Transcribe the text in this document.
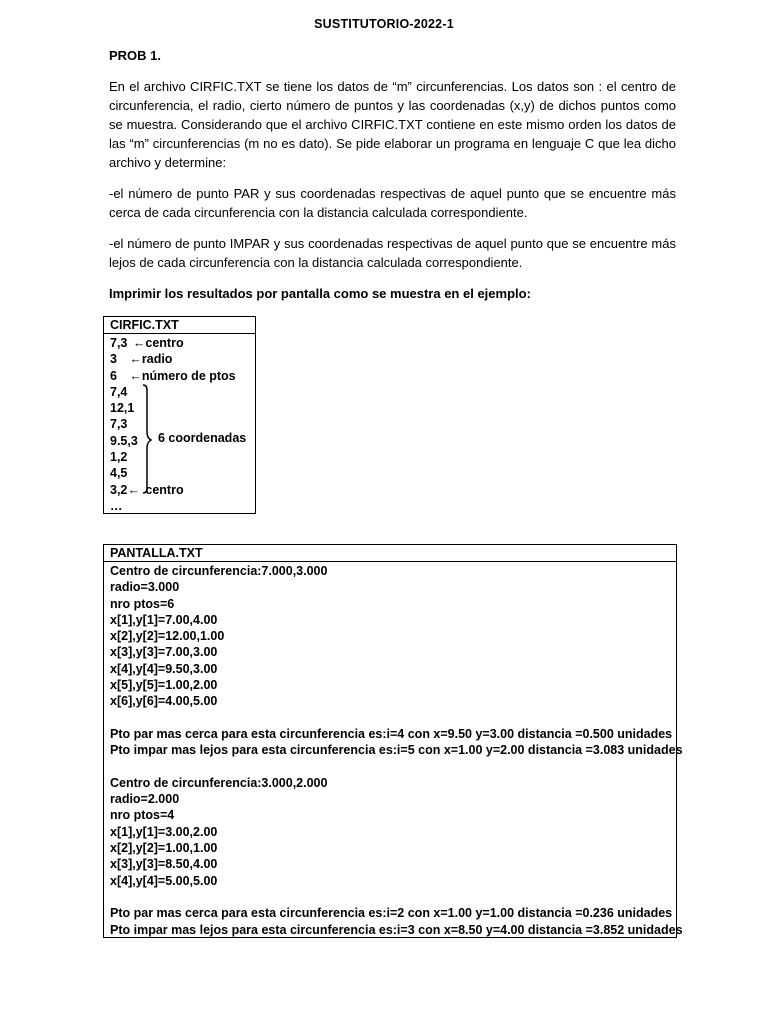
SUSTITUTORIO-2022-1
PROB 1.

En el archivo CIRFIC.TXT se tiene los datos de “m” circunferencias. Los datos son : el centro de circunferencia, el radio, cierto número de puntos y las coordenadas (x,y) de dichos puntos como se muestra. Considerando que el archivo CIRFIC.TXT contiene en este mismo orden los datos de las “m” circunferencias (m no es dato). Se pide elaborar un programa en lenguaje C que lea dicho archivo y determine:

-el número de punto PAR y sus coordenadas respectivas de aquel punto que se encuentre más cerca de cada circunferencia con la distancia calculada correspondiente.

-el número de punto IMPAR y sus coordenadas respectivas de aquel punto que se encuentre más lejos de cada circunferencia con la distancia calculada correspondiente.

Imprimir los resultados por pantalla como se muestra en el ejemplo:

CIRFIC.TXT
7,3 ←centro
3 ←radio
6 ←número de ptos
7,4
12,1
7,3
9.5,3
1,2
4,5
3,2← centro
…
6 coordenadas
PANTALLA.TXT
Centro de circunferencia:7.000,3.000
radio=3.000
nro ptos=6
x[1],y[1]=7.00,4.00
x[2],y[2]=12.00,1.00
x[3],y[3]=7.00,3.00
x[4],y[4]=9.50,3.00
x[5],y[5]=1.00,2.00
x[6],y[6]=4.00,5.00
Pto par mas cerca para esta circunferencia es:i=4 con x=9.50 y=3.00 distancia =0.500 unidades
Pto impar mas lejos para esta circunferencia es:i=5 con x=1.00 y=2.00 distancia =3.083 unidades
Centro de circunferencia:3.000,2.000
radio=2.000
nro ptos=4
x[1],y[1]=3.00,2.00
x[2],y[2]=1.00,1.00
x[3],y[3]=8.50,4.00
x[4],y[4]=5.00,5.00
Pto par mas cerca para esta circunferencia es:i=2 con x=1.00 y=1.00 distancia =0.236 unidades
Pto impar mas lejos para esta circunferencia es:i=3 con x=8.50 y=4.00 distancia =3.852 unidades
